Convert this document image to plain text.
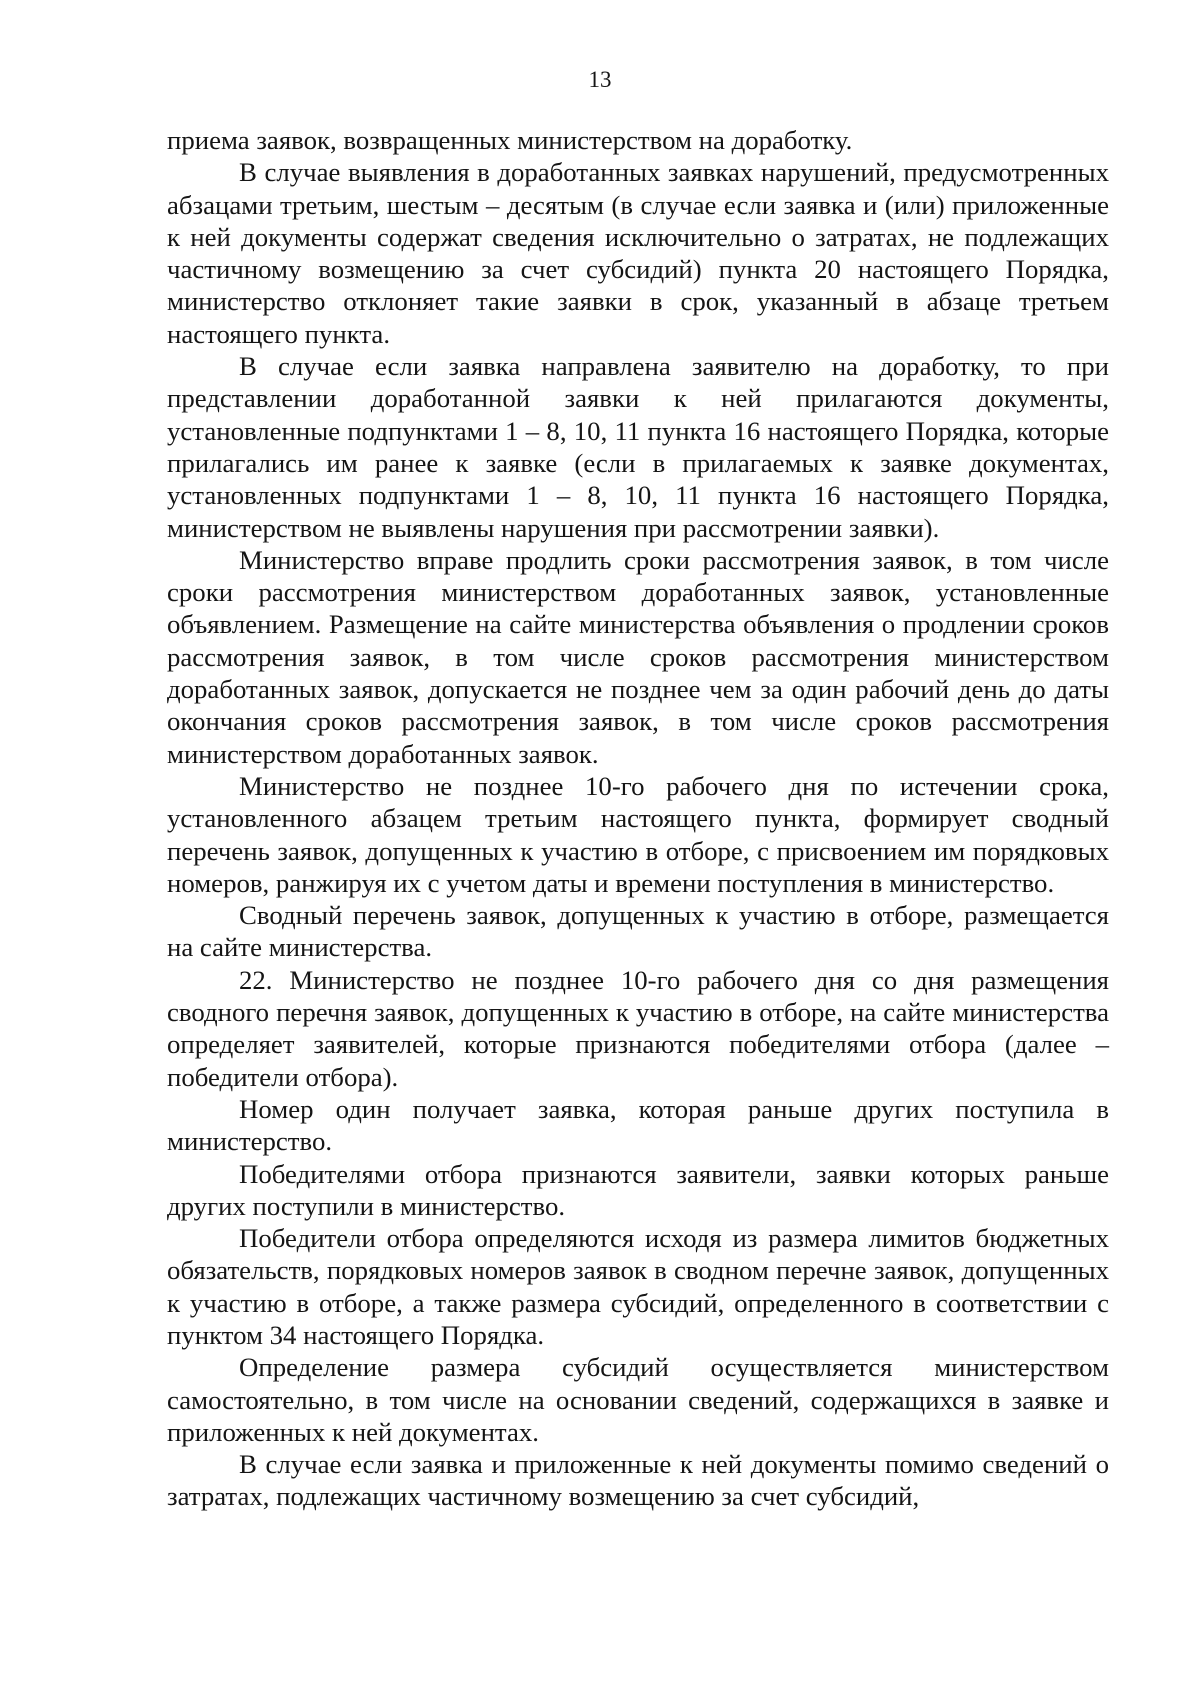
13

приема заявок, возвращенных министерством на доработку.

В случае выявления в доработанных заявках нарушений, предусмотренных абзацами третьим, шестым – десятым (в случае если заявка и (или) приложенные к ней документы содержат сведения исключительно о затратах, не подлежащих частичному возмещению за счет субсидий) пункта 20 настоящего Порядка, министерство отклоняет такие заявки в срок, указанный в абзаце третьем настоящего пункта.

В случае если заявка направлена заявителю на доработку, то при представлении доработанной заявки к ней прилагаются документы, установленные подпунктами 1 – 8, 10, 11 пункта 16 настоящего Порядка, которые прилагались им ранее к заявке (если в прилагаемых к заявке документах, установленных подпунктами 1 – 8, 10, 11 пункта 16 настоящего Порядка, министерством не выявлены нарушения при рассмотрении заявки).

Министерство вправе продлить сроки рассмотрения заявок, в том числе сроки рассмотрения министерством доработанных заявок, установленные объявлением. Размещение на сайте министерства объявления о продлении сроков рассмотрения заявок, в том числе сроков рассмотрения министерством доработанных заявок, допускается не позднее чем за один рабочий день до даты окончания сроков рассмотрения заявок, в том числе сроков рассмотрения министерством доработанных заявок.

Министерство не позднее 10-го рабочего дня по истечении срока, установленного абзацем третьим настоящего пункта, формирует сводный перечень заявок, допущенных к участию в отборе, с присвоением им порядковых номеров, ранжируя их с учетом даты и времени поступления в министерство.

Сводный перечень заявок, допущенных к участию в отборе, размещается на сайте министерства.

22. Министерство не позднее 10-го рабочего дня со дня размещения сводного перечня заявок, допущенных к участию в отборе, на сайте министерства определяет заявителей, которые признаются победителями отбора (далее – победители отбора).

Номер один получает заявка, которая раньше других поступила в министерство.

Победителями отбора признаются заявители, заявки которых раньше других поступили в министерство.

Победители отбора определяются исходя из размера лимитов бюджетных обязательств, порядковых номеров заявок в сводном перечне заявок, допущенных к участию в отборе, а также размера субсидий, определенного в соответствии с пунктом 34 настоящего Порядка.

Определение размера субсидий осуществляется министерством самостоятельно, в том числе на основании сведений, содержащихся в заявке и приложенных к ней документах.

В случае если заявка и приложенные к ней документы помимо сведений о затратах, подлежащих частичному возмещению за счет субсидий,
